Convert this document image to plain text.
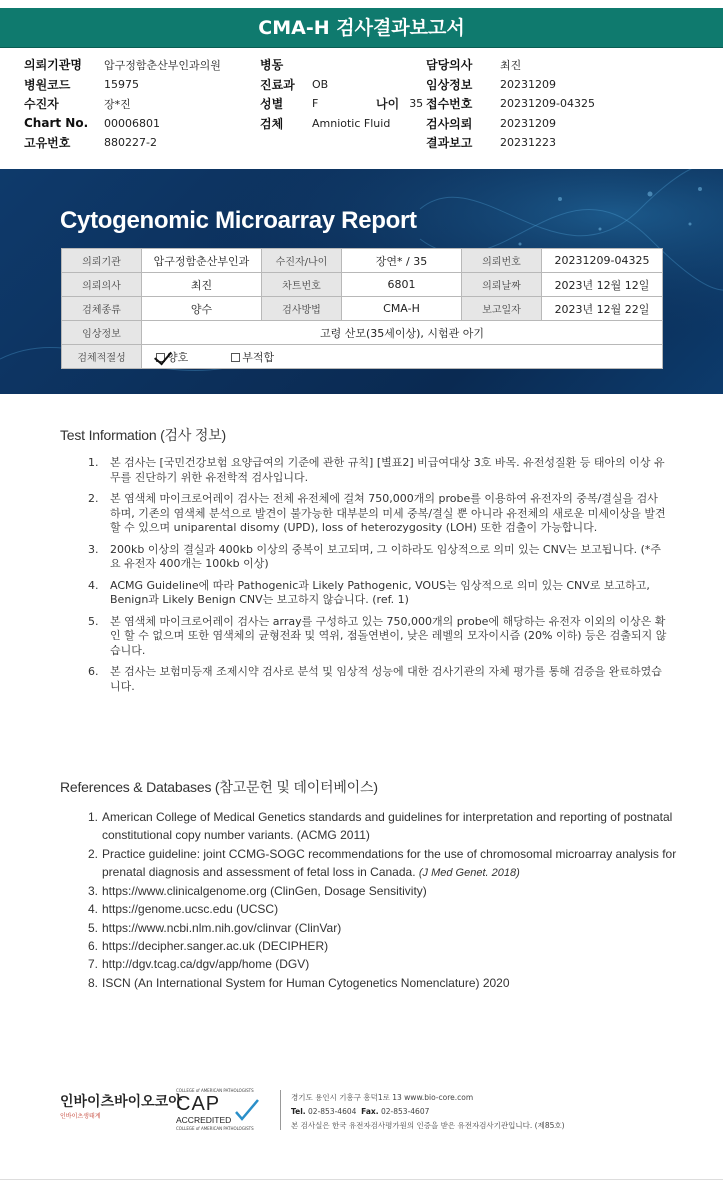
CMA-H 검사결과보고서
의뢰기관명	압구정함춘산부인과의원
병원코드	15975
수진자	장*진
Chart No.	00006801
고유번호	880227-2
병동
진료과	OB
성별	F	나이 35
검체	Amniotic Fluid
담당의사	최진
임상정보	20231209
접수번호	20231209-04325
검사의뢰	20231209
결과보고	20231223
Cytogenomic Microarray Report
의뢰기관	압구정함춘산부인과	수진자/나이	장연* / 35	의뢰번호	20231209-04325
의뢰의사	최진	차트번호	6801	의뢰날짜	2023년 12월 12일
검체종류	양수	검사방법	CMA-H	보고일자	2023년 12월 22일
임상정보	고령 산모(35세이상), 시험관 아기				
검체적절성	양호 부적합				
Test Information (검사 정보)
1.	본 검사는 [국민건강보험 요양급여의 기준에 관한 규칙] [별표2] 비급여대상 3호 바목. 유전성질환 등 태아의 이상 유무를 진단하기 위한 유전학적 검사입니다.
2.	본 염색체 마이크로어레이 검사는 전체 유전체에 걸쳐 750,000개의 probe를 이용하여 유전자의 중복/결실을 검사하며, 기존의 염색체 분석으로 발견이 불가능한 대부분의 미세 중복/결실 뿐 아니라 유전체의 새로운 미세이상을 발견 할 수 있으며 uniparental disomy (UPD), loss of heterozygosity (LOH) 또한 검출이 가능합니다.
3.	200kb 이상의 결실과 400kb 이상의 중복이 보고되며, 그 이하라도 임상적으로 의미 있는 CNV는 보고됩니다. (*주요 유전자 400개는 100kb 이상)
4.	ACMG Guideline에 따라 Pathogenic과 Likely Pathogenic, VOUS는 임상적으로 의미 있는 CNV로 보고하고, Benign과 Likely Benign CNV는 보고하지 않습니다. (ref. 1)
5.	본 염색체 마이크로어레이 검사는 array를 구성하고 있는 750,000개의 probe에 해당하는 유전자 이외의 이상은 확인 할 수 없으며 또한 염색체의 균형전좌 및 역위, 점돌연변이, 낮은 레벨의 모자이시즘 (20% 이하) 등은 검출되지 않습니다.
6.	본 검사는 보험미등재 조제시약 검사로 분석 및 임상적 성능에 대한 검사기관의 자체 평가를 통해 검증을 완료하였습니다.
References & Databases (참고문헌 및 데이터베이스)
1. American College of Medical Genetics standards and guidelines for interpretation and reporting of postnatal constitutional copy number variants. (ACMG 2011)
2. Practice guideline: joint CCMG-SOGC recommendations for the use of chromosomal microarray analysis for prenatal diagnosis and assessment of fetal loss in Canada. (J Med Genet. 2018)
3. https://www.clinicalgenome.org (ClinGen, Dosage Sensitivity)
4. https://genome.ucsc.edu (UCSC)
5. https://www.ncbi.nlm.nih.gov/clinvar (ClinVar)
6. https://decipher.sanger.ac.uk (DECIPHER)
7. http://dgv.tcag.ca/dgv/app/home (DGV)
8. ISCN (An International System for Human Cytogenetics Nomenclature) 2020
인바이츠바이오코아
인바이츠생태계
COLLEGE of AMERICAN PATHOLOGISTS
CAP
ACCREDITED
COLLEGE of AMERICAN PATHOLOGISTS
경기도 용인시 기흥구 흥덕1로 13 www.bio-core.com
Tel. 02-853-4604 Fax. 02-853-4607
본 검사실은 한국 유전자검사평가원의 인증을 받은 유전자검사기관입니다. (제85호)
